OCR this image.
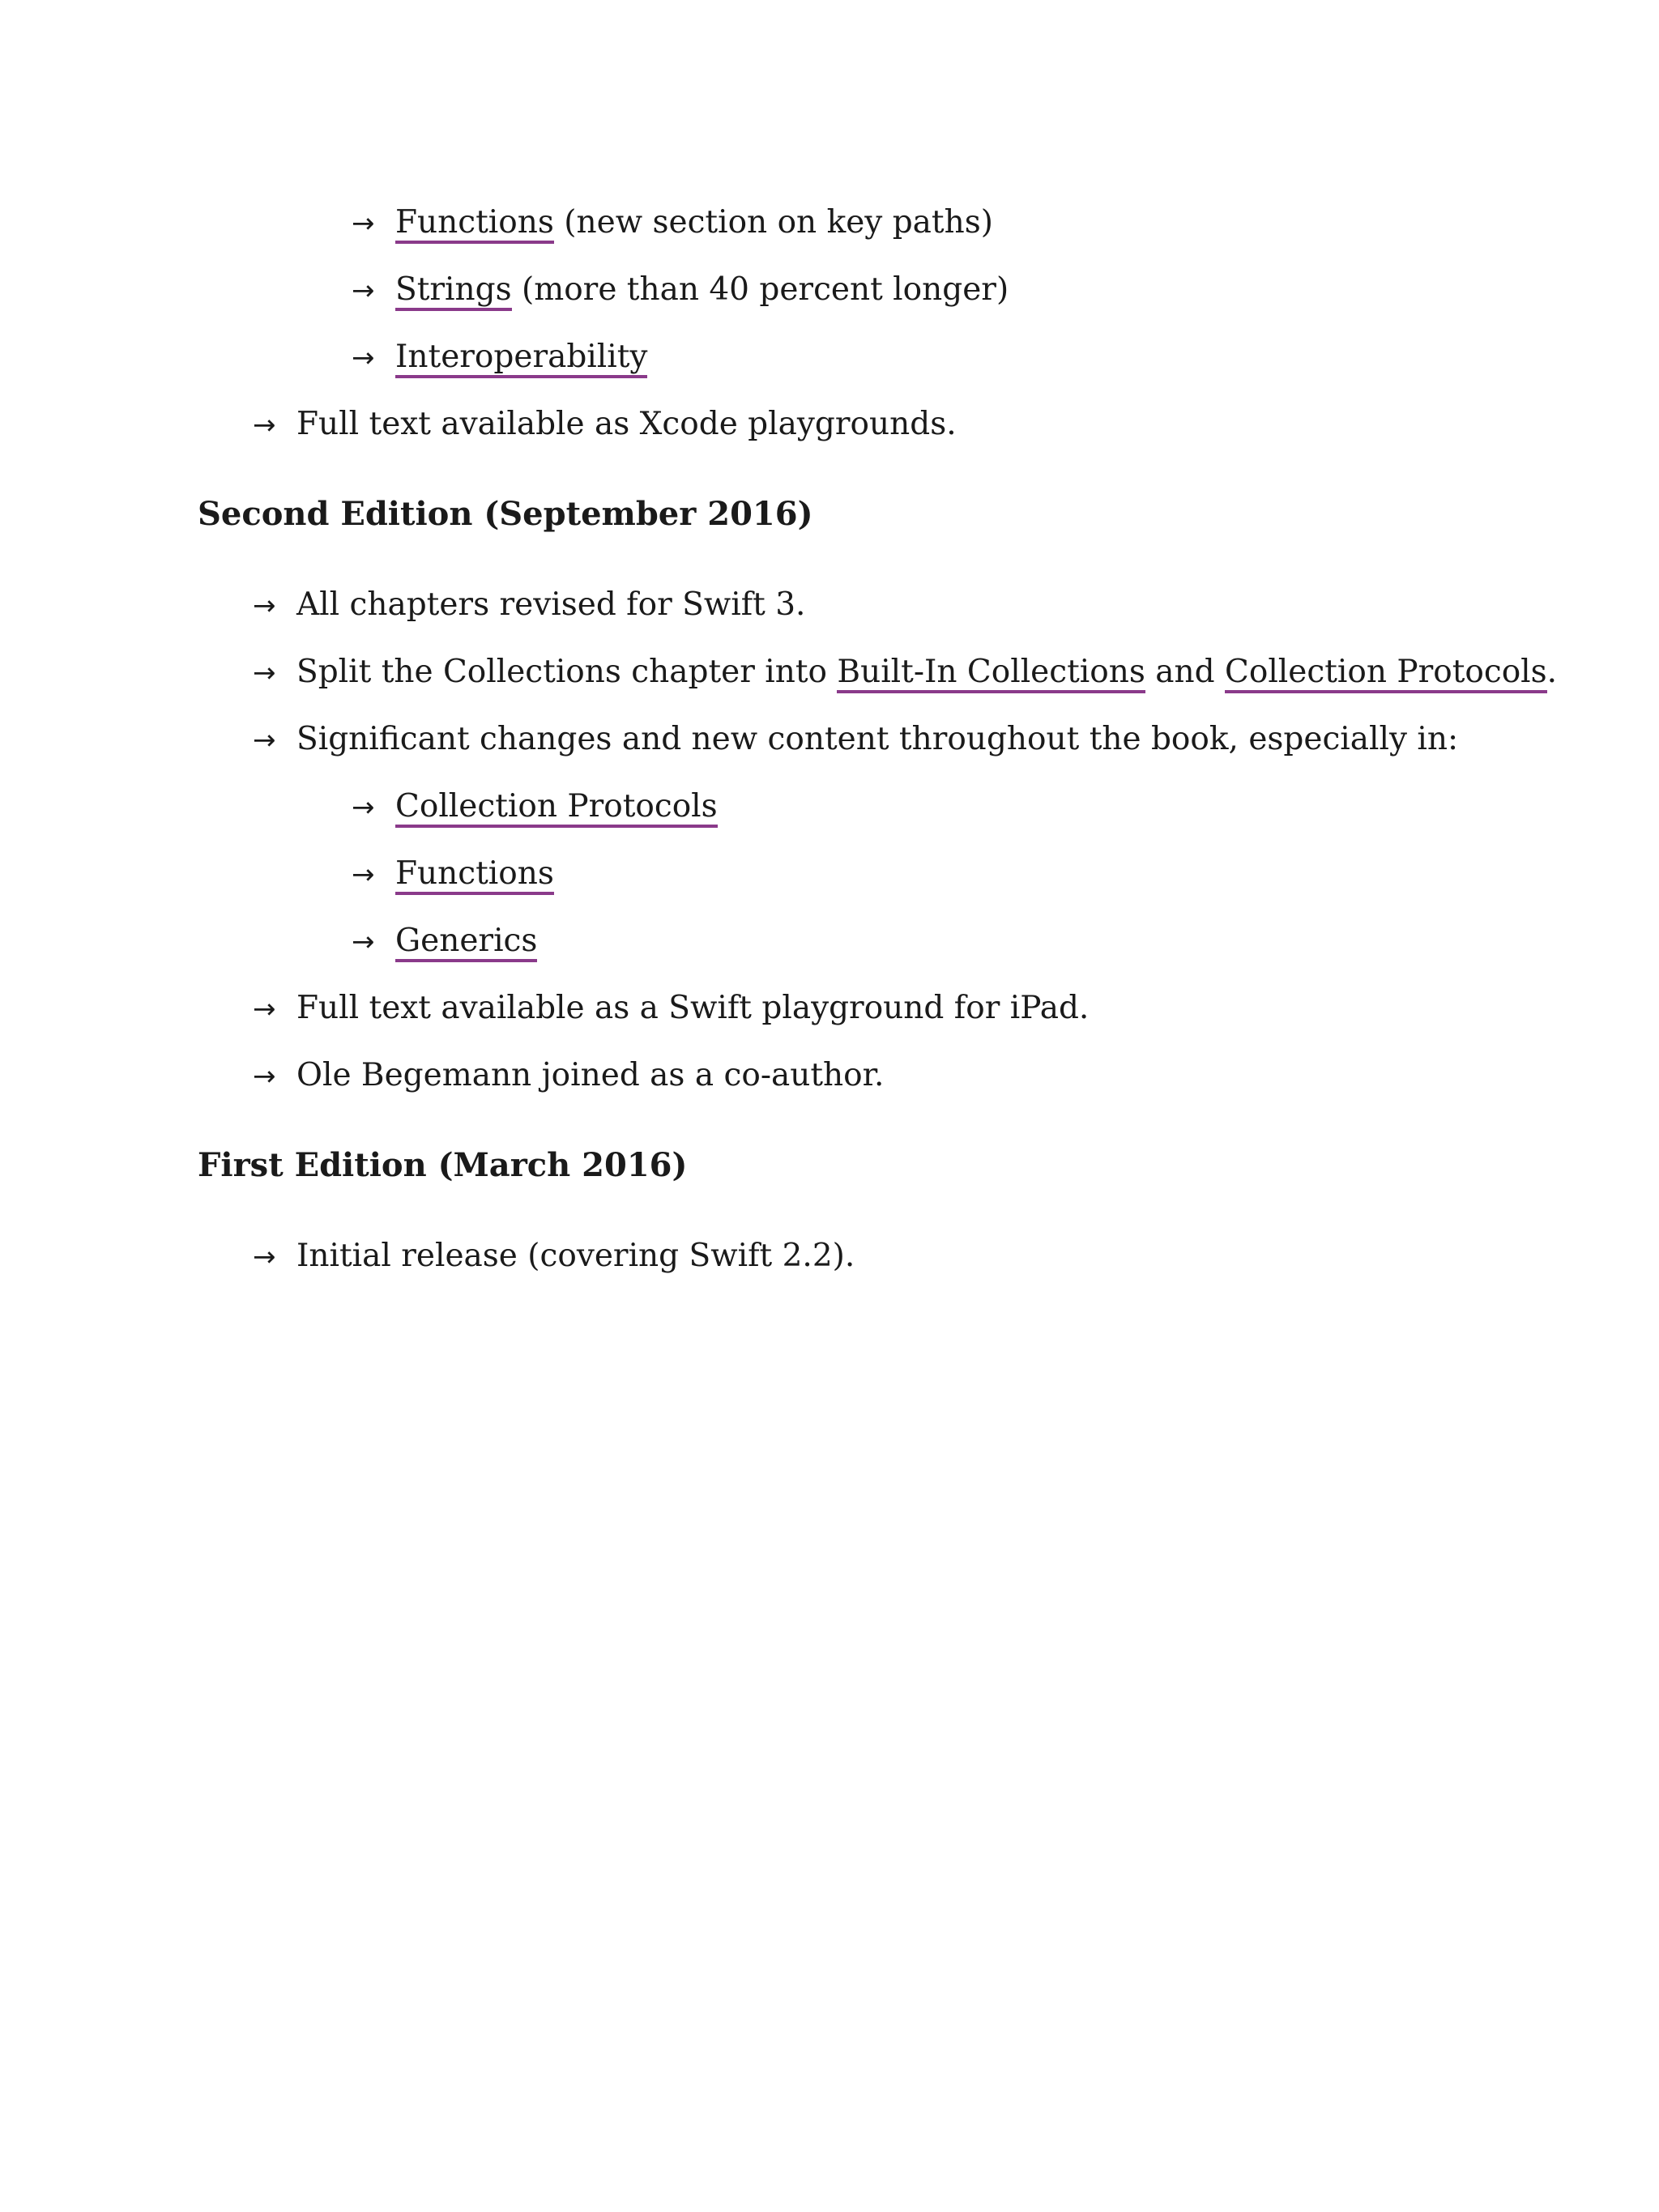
→ Functions (new section on key paths)
→ Strings (more than 40 percent longer)
→ Interoperability
→ Full text available as Xcode playgrounds.
Second Edition (September 2016)
→ All chapters revised for Swift 3.
→ Split the Collections chapter into Built-In Collections and Collection Protocols.
→ Significant changes and new content throughout the book, especially in:
→ Collection Protocols
→ Functions
→ Generics
→ Full text available as a Swift playground for iPad.
→ Ole Begemann joined as a co-author.
First Edition (March 2016)
→ Initial release (covering Swift 2.2).
